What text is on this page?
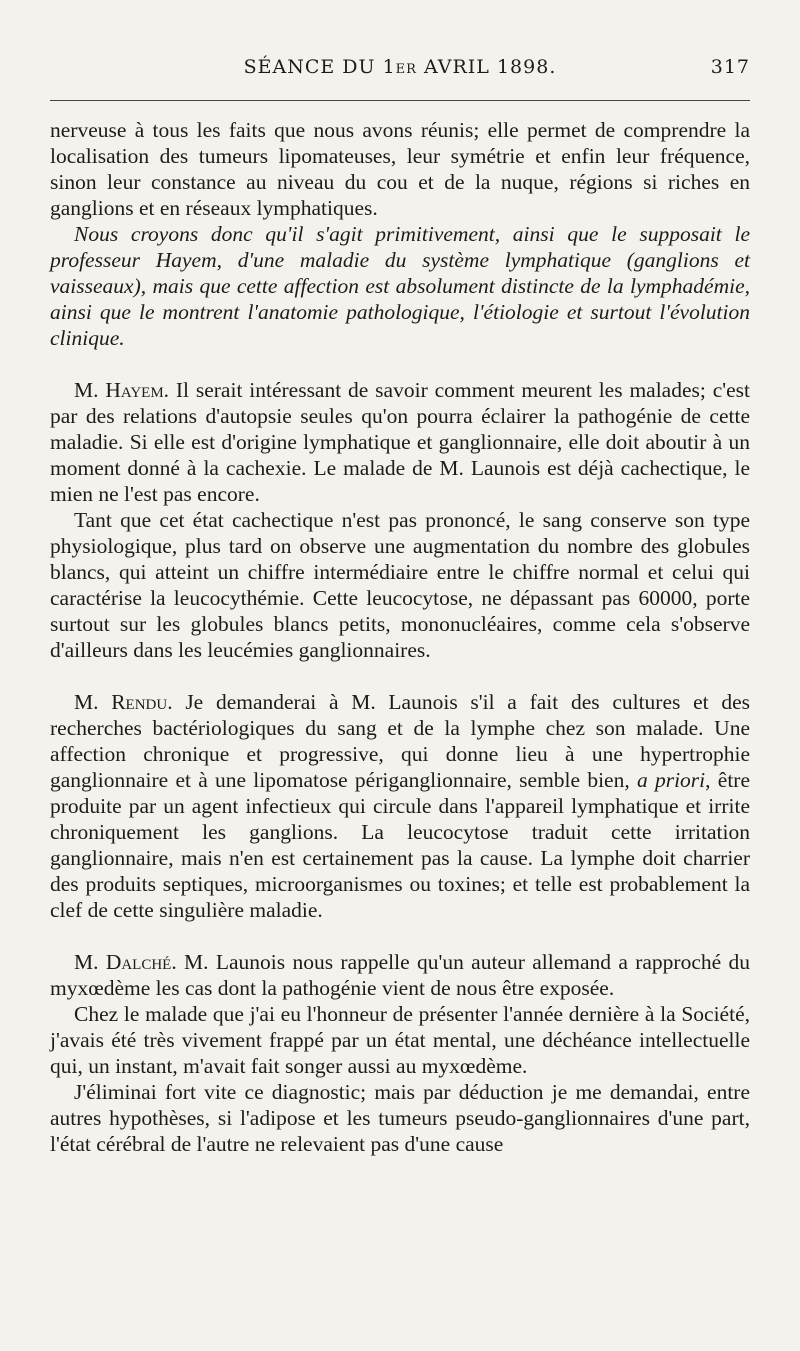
SÉANCE DU 1er AVRIL 1898.	317

nerveuse à tous les faits que nous avons réunis; elle permet de comprendre la localisation des tumeurs lipomateuses, leur symétrie et enfin leur fréquence, sinon leur constance au niveau du cou et de la nuque, régions si riches en ganglions et en réseaux lymphatiques.

Nous croyons donc qu'il s'agit primitivement, ainsi que le supposait le professeur Hayem, d'une maladie du système lymphatique (ganglions et vaisseaux), mais que cette affection est absolument distincte de la lymphadémie, ainsi que le montrent l'anatomie pathologique, l'étiologie et surtout l'évolution clinique.

M. Hayem. Il serait intéressant de savoir comment meurent les malades; c'est par des relations d'autopsie seules qu'on pourra éclairer la pathogénie de cette maladie. Si elle est d'origine lymphatique et ganglionnaire, elle doit aboutir à un moment donné à la cachexie. Le malade de M. Launois est déjà cachectique, le mien ne l'est pas encore.

Tant que cet état cachectique n'est pas prononcé, le sang conserve son type physiologique, plus tard on observe une augmentation du nombre des globules blancs, qui atteint un chiffre intermédiaire entre le chiffre normal et celui qui caractérise la leucocythémie. Cette leucocytose, ne dépassant pas 60000, porte surtout sur les globules blancs petits, mononucléaires, comme cela s'observe d'ailleurs dans les leucémies ganglionnaires.

M. Rendu. Je demanderai à M. Launois s'il a fait des cultures et des recherches bactériologiques du sang et de la lymphe chez son malade. Une affection chronique et progressive, qui donne lieu à une hypertrophie ganglionnaire et à une lipomatose périganglionnaire, semble bien, a priori, être produite par un agent infectieux qui circule dans l'appareil lymphatique et irrite chroniquement les ganglions. La leucocytose traduit cette irritation ganglionnaire, mais n'en est certainement pas la cause. La lymphe doit charrier des produits septiques, microorganismes ou toxines; et telle est probablement la clef de cette singulière maladie.

M. Dalché. M. Launois nous rappelle qu'un auteur allemand a rapproché du myxœdème les cas dont la pathogénie vient de nous être exposée.

Chez le malade que j'ai eu l'honneur de présenter l'année dernière à la Société, j'avais été très vivement frappé par un état mental, une déchéance intellectuelle qui, un instant, m'avait fait songer aussi au myxœdème.

J'éliminai fort vite ce diagnostic; mais par déduction je me demandai, entre autres hypothèses, si l'adipose et les tumeurs pseudo-ganglionnaires d'une part, l'état cérébral de l'autre ne relevaient pas d'une cause
